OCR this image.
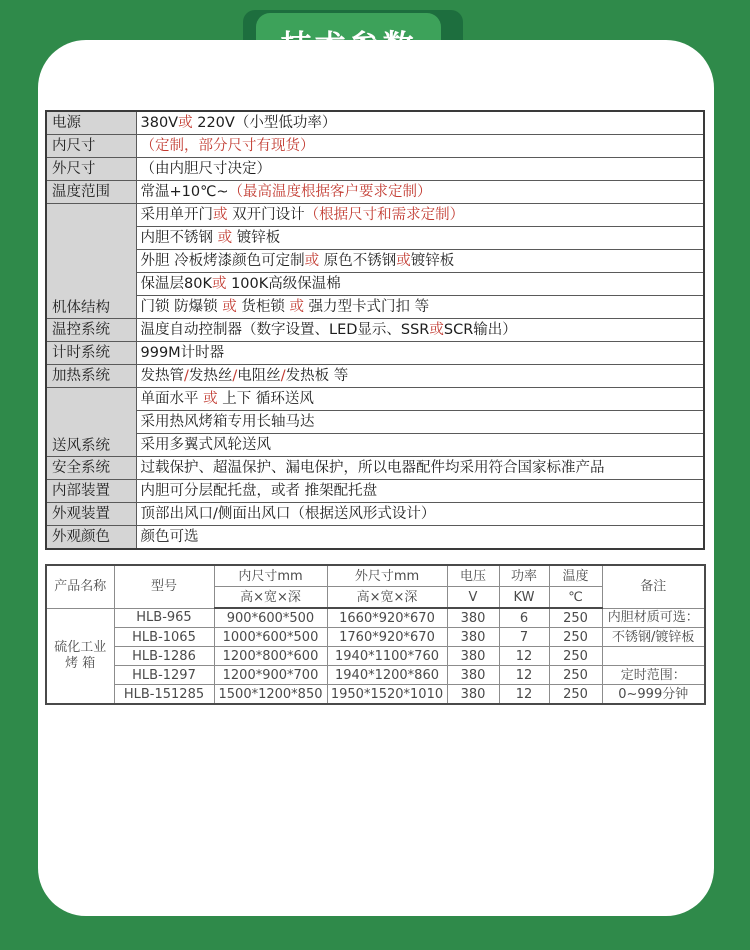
电源	380V或 220V（小型低功率）
内尺寸	（定制，部分尺寸有现货）
外尺寸	（由内胆尺寸决定）
温度范围	常温+10℃~（最高温度根据客户要求定制）
机体结构	采用单开门或 双开门设计（根据尺寸和需求定制）
	内胆不锈钢 或 镀锌板
	外胆 冷板烤漆颜色可定制或 原色不锈钢或镀锌板
	保温层80K或 100K高级保温棉
	门锁 防爆锁 或 货柜锁 或 强力型卡式门扣 等
温控系统	温度自动控制器（数字设置、LED显示、SSR或SCR输出）
计时系统	999M计时器
加热系统	发热管/发热丝/电阻丝/发热板 等
送风系统	单面水平 或 上下 循环送风
	采用热风烤箱专用长轴马达
	采用多翼式风轮送风
安全系统	过载保护、超温保护、漏电保护，所以电器配件均采用符合国家标准产品
内部装置	内胆可分层配托盘，或者 推架配托盘
外观装置	顶部出风口/侧面出风口（根据送风形式设计）
外观颜色	颜色可选
产品名称	型号	内尺寸mm	外尺寸mm	电压	功率	温度	备注
		高×宽×深	高×宽×深	V	KW	℃	

硫化工业
烤 箱	HLB-965	900*600*500	1660*920*670	380	6	250	内胆材质可选：
	HLB-1065	1000*600*500	1760*920*670	380	7	250	不锈钢/镀锌板
	HLB-1286	1200*800*600	1940*1100*760	380	12	250	
	HLB-1297	1200*900*700	1940*1200*860	380	12	250	定时范围：
	HLB-151285	1500*1200*850	1950*1520*1010	380	12	250	0~999分钟
